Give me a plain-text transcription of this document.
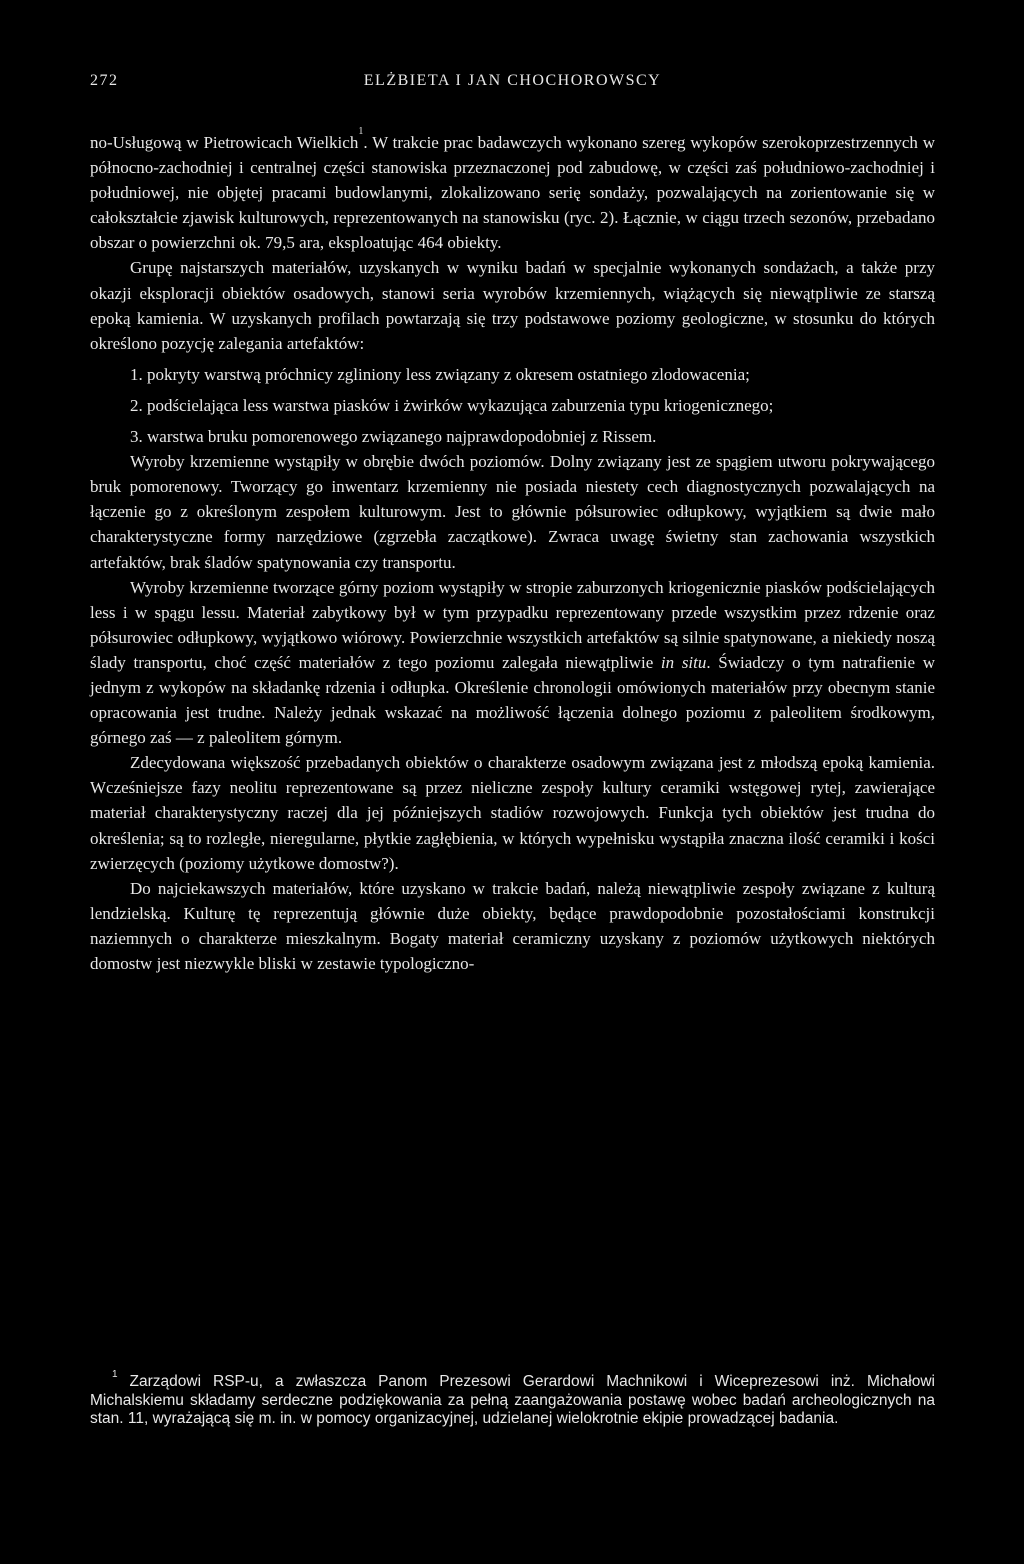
272	ELŻBIETA I JAN CHOCHOROWSCY

no-Usługową w Pietrowicach Wielkich$^1$. W trakcie prac badawczych wykonano szereg wykopów szerokoprzestrzennych w północno-zachodniej i centralnej części stanowiska przeznaczonej pod zabudowę, w części zaś południowo-zachodniej i południowej, nie objętej pracami budowlanymi, zlokalizowano serię sondaży, pozwalających na zorientowanie się w całokształcie zjawisk kulturowych, reprezentowanych na stanowisku (ryc. 2). Łącznie, w ciągu trzech sezonów, przebadano obszar o powierzchni ok. 79,5 ara, eksploatując 464 obiekty.

Grupę najstarszych materiałów, uzyskanych w wyniku badań w specjalnie wykonanych sondażach, a także przy okazji eksploracji obiektów osadowych, stanowi seria wyrobów krzemiennych, wiążących się niewątpliwie ze starszą epoką kamienia. W uzyskanych profilach powtarzają się trzy podstawowe poziomy geologiczne, w stosunku do których określono pozycję zalegania artefaktów:

1. pokryty warstwą próchnicy zgliniony less związany z okresem ostatniego zlodowacenia;

2. podścielająca less warstwa piasków i żwirków wykazująca zaburzenia typu kriogenicznego;

3. warstwa bruku pomorenowego związanego najprawdopodobniej z Rissem.

Wyroby krzemienne wystąpiły w obrębie dwóch poziomów. Dolny związany jest ze spągiem utworu pokrywającego bruk pomorenowy. Tworzący go inwentarz krzemienny nie posiada niestety cech diagnostycznych pozwalających na łączenie go z określonym zespołem kulturowym. Jest to głównie półsurowiec odłupkowy, wyjątkiem są dwie mało charakterystyczne formy narzędziowe (zgrzebła zaczątkowe). Zwraca uwagę świetny stan zachowania wszystkich artefaktów, brak śladów spatynowania czy transportu.

Wyroby krzemienne tworzące górny poziom wystąpiły w stropie zaburzonych kriogenicznie piasków podścielających less i w spągu lessu. Materiał zabytkowy był w tym przypadku reprezentowany przede wszystkim przez rdzenie oraz półsurowiec odłupkowy, wyjątkowo wiórowy. Powierzchnie wszystkich artefaktów są silnie spatynowane, a niekiedy noszą ślady transportu, choć część materiałów z tego poziomu zalegała niewątpliwie in situ. Świadczy o tym natrafienie w jednym z wykopów na składankę rdzenia i odłupka. Określenie chronologii omówionych materiałów przy obecnym stanie opracowania jest trudne. Należy jednak wskazać na możliwość łączenia dolnego poziomu z paleolitem środkowym, górnego zaś — z paleolitem górnym.

Zdecydowana większość przebadanych obiektów o charakterze osadowym związana jest z młodszą epoką kamienia. Wcześniejsze fazy neolitu reprezentowane są przez nieliczne zespoły kultury ceramiki wstęgowej rytej, zawierające materiał charakterystyczny raczej dla jej późniejszych stadiów rozwojowych. Funkcja tych obiektów jest trudna do określenia; są to rozległe, nieregularne, płytkie zagłębienia, w których wypełnisku wystąpiła znaczna ilość ceramiki i kości zwierzęcych (poziomy użytkowe domostw?).

Do najciekawszych materiałów, które uzyskano w trakcie badań, należą niewątpliwie zespoły związane z kulturą lendzielską. Kulturę tę reprezentują głównie duże obiekty, będące prawdopodobnie pozostałościami konstrukcji naziemnych o charakterze mieszkalnym. Bogaty materiał ceramiczny uzyskany z poziomów użytkowych niektórych domostw jest niezwykle bliski w zestawie typologiczno-

$^1$ Zarządowi RSP-u, a zwłaszcza Panom Prezesowi Gerardowi Machnikowi i Wiceprezesowi inż. Michałowi Michalskiemu składamy serdeczne podziękowania za pełną zaangażowania postawę wobec badań archeologicznych na stan. 11, wyrażającą się m. in. w pomocy organizacyjnej, udzielanej wielokrotnie ekipie prowadzącej badania.
